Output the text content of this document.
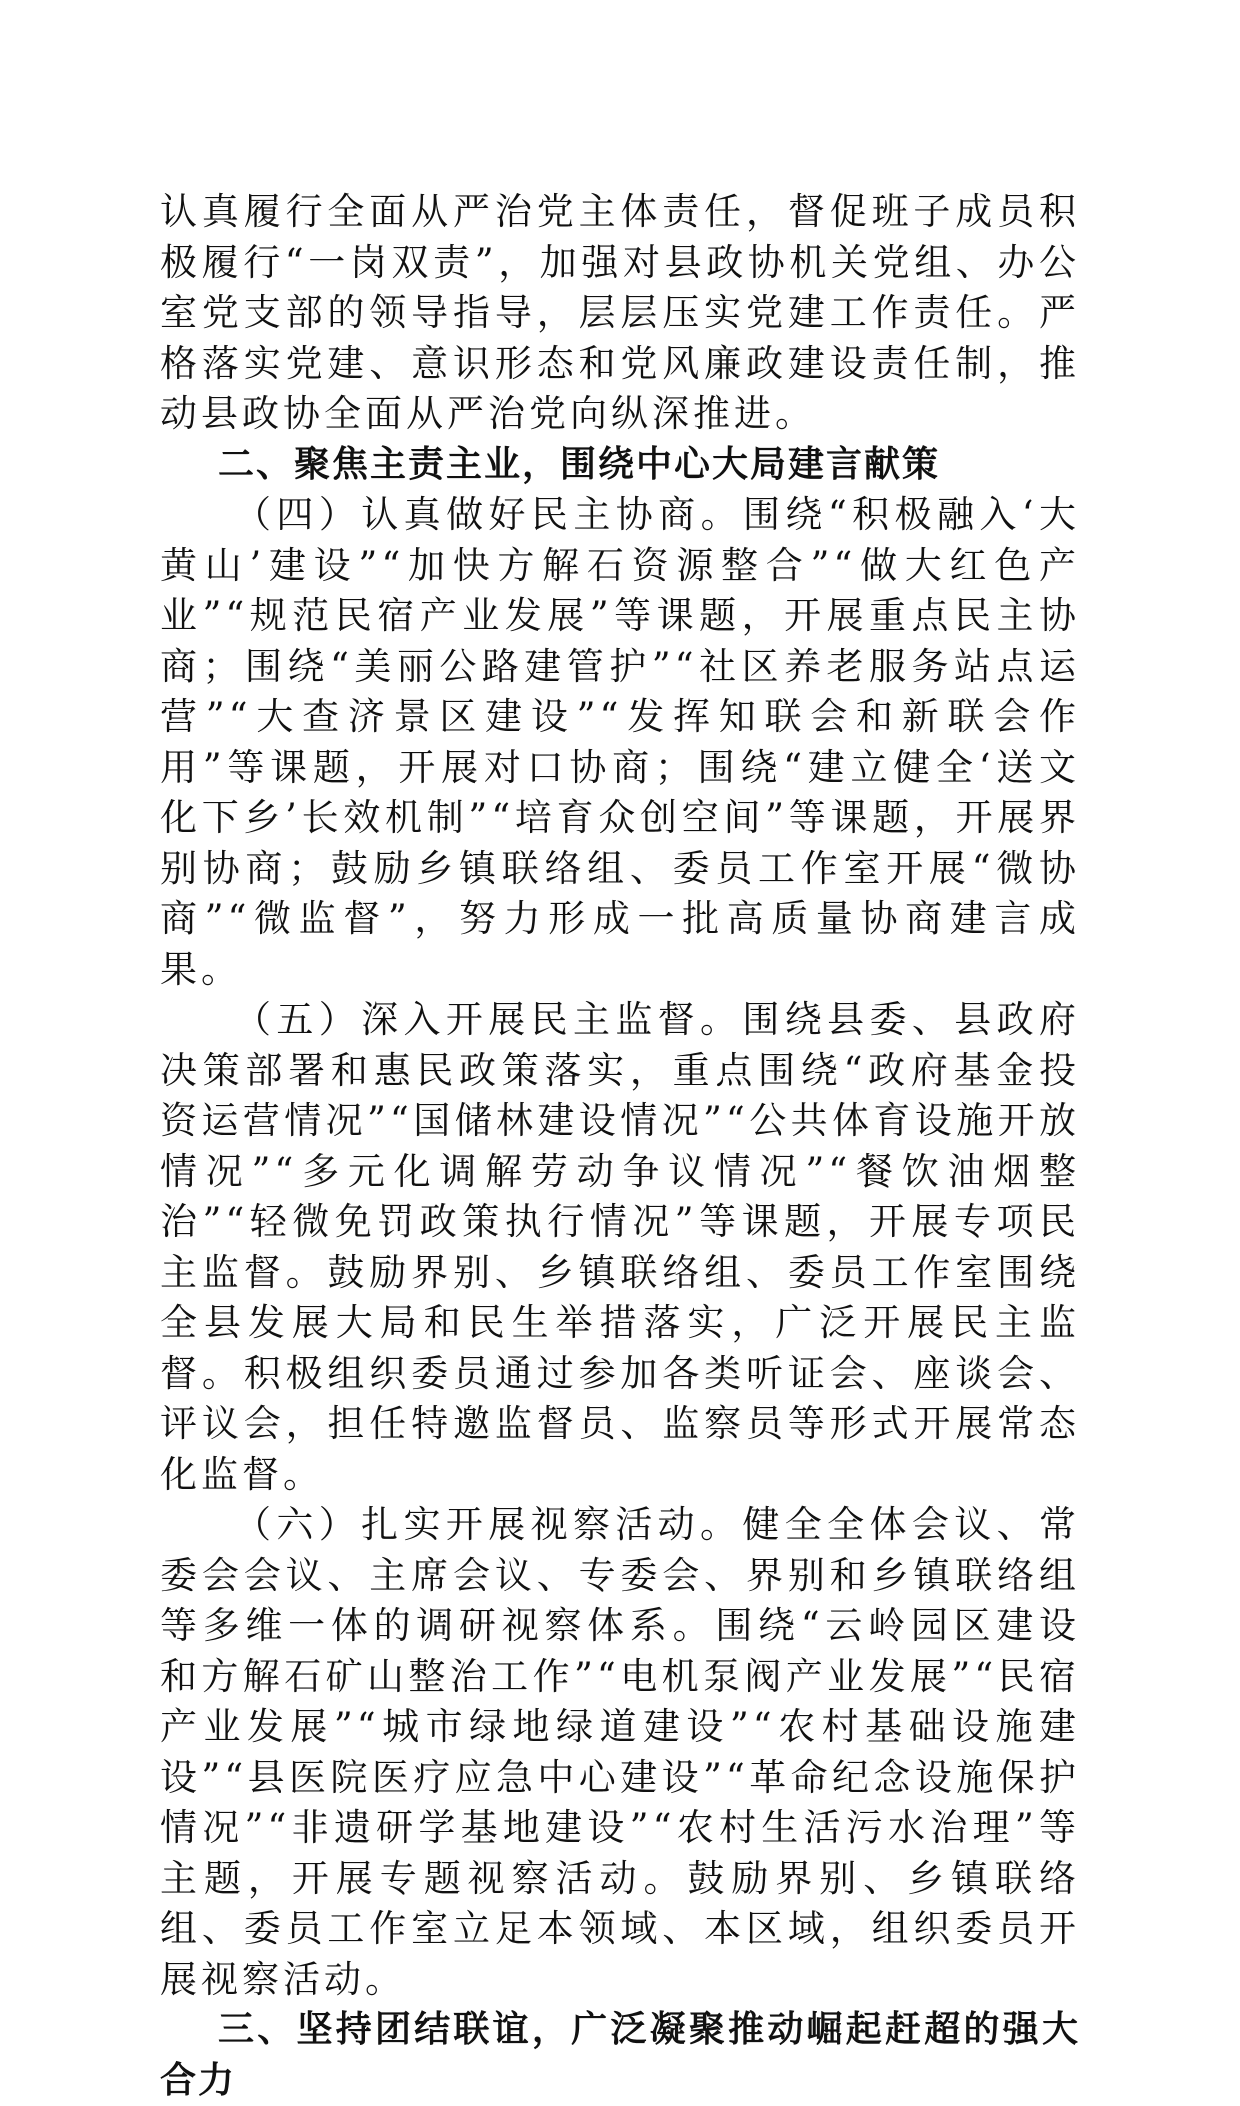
认真履行全面从严治党主体责任，督促班子成员积极履行“一岗双责”，加强对县政协机关党组、办公室党支部的领导指导，层层压实党建工作责任。严格落实党建、意识形态和党风廉政建设责任制，推动县政协全面从严治党向纵深推进。

二、聚焦主责主业，围绕中心大局建言献策

（四）认真做好民主协商。围绕“积极融入‘大黄山’建设”“加快方解石资源整合”“做大红色产业”“规范民宿产业发展”等课题，开展重点民主协商；围绕“美丽公路建管护”“社区养老服务站点运营”“大查济景区建设”“发挥知联会和新联会作用”等课题，开展对口协商；围绕“建立健全‘送文化下乡’长效机制”“培育众创空间”等课题，开展界别协商；鼓励乡镇联络组、委员工作室开展“微协商”“微监督”，努力形成一批高质量协商建言成果。

（五）深入开展民主监督。围绕县委、县政府决策部署和惠民政策落实，重点围绕“政府基金投资运营情况”“国储林建设情况”“公共体育设施开放情况”“多元化调解劳动争议情况”“餐饮油烟整治”“轻微免罚政策执行情况”等课题，开展专项民主监督。鼓励界别、乡镇联络组、委员工作室围绕全县发展大局和民生举措落实，广泛开展民主监督。积极组织委员通过参加各类听证会、座谈会、评议会，担任特邀监督员、监察员等形式开展常态化监督。

（六）扎实开展视察活动。健全全体会议、常委会会议、主席会议、专委会、界别和乡镇联络组等多维一体的调研视察体系。围绕“云岭园区建设和方解石矿山整治工作”“电机泵阀产业发展”“民宿产业发展”“城市绿地绿道建设”“农村基础设施建设”“县医院医疗应急中心建设”“革命纪念设施保护情况”“非遗研学基地建设”“农村生活污水治理”等主题，开展专题视察活动。鼓励界别、乡镇联络组、委员工作室立足本领域、本区域，组织委员开展视察活动。

三、坚持团结联谊，广泛凝聚推动崛起赶超的强大合力
